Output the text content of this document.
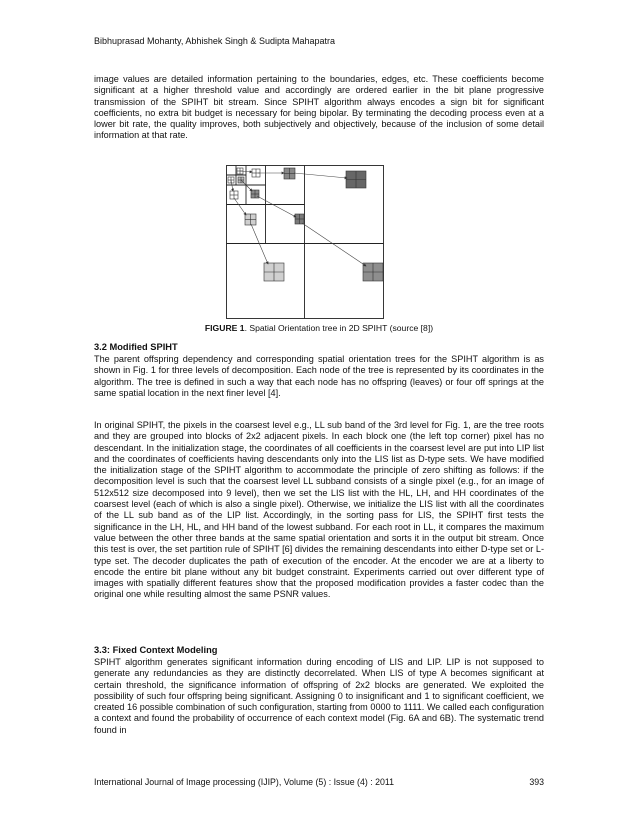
Bibhuprasad Mohanty, Abhishek Singh & Sudipta Mahapatra

image values are detailed information pertaining to the boundaries, edges, etc. These coefficients become significant at a higher threshold value and accordingly are ordered earlier in the bit plane progressive transmission of the SPIHT bit stream. Since SPIHT algorithm always encodes a sign bit for significant coefficients, no extra bit budget is necessary for being bipolar. By terminating the decoding process even at a lower bit rate, the quality improves, both subjectively and objectively, because of the inclusion of some detail information at that rate.

FIGURE 1. Spatial Orientation tree in 2D SPIHT (source [8])
3.2 Modified SPIHT

The parent offspring dependency and corresponding spatial orientation trees for the SPIHT algorithm is as shown in Fig. 1 for three levels of decomposition. Each node of the tree is represented by its coordinates in the algorithm. The tree is defined in such a way that each node has no offspring (leaves) or four off springs at the same spatial location in the next finer level [4].

In original SPIHT, the pixels in the coarsest level e.g., LL sub band of the 3rd level for Fig. 1, are the tree roots and they are grouped into blocks of 2x2 adjacent pixels. In each block one (the left top corner) pixel has no descendant. In the initialization stage, the coordinates of all coefficients in the coarsest level are put into LIP list and the coordinates of coefficients having descendants only into the LIS list as D-type sets. We have modified the initialization stage of the SPIHT algorithm to accommodate the principle of zero shifting as follows: if the decomposition level is such that the coarsest level LL subband consists of a single pixel (e.g., for an image of 512x512 size decomposed into 9 level), then we set the LIS list with the HL, LH, and HH coordinates of the coarsest level (each of which is also a single pixel). Otherwise, we initialize the LIS list with all the coordinates of the LL sub band as of the LIP list. Accordingly, in the sorting pass for LIS, the SPIHT first tests the significance in the LH, HL, and HH band of the lowest subband. For each root in LL, it compares the maximum value between the other three bands at the same spatial orientation and sorts it in the output bit stream. Once this test is over, the set partition rule of SPIHT [6] divides the remaining descendants into either D-type set or L-type set. The decoder duplicates the path of execution of the encoder. At the encoder we are at a liberty to encode the entire bit plane without any bit budget constraint. Experiments carried out over different type of images with spatially different features show that the proposed modification provides a faster codec than the original one while resulting almost the same PSNR values.

3.3: Fixed Context Modeling

SPIHT algorithm generates significant information during encoding of LIS and LIP. LIP is not supposed to generate any redundancies as they are distinctly decorrelated. When LIS of type A becomes significant at certain threshold, the significance information of offspring of 2x2 blocks are generated. We exploited the possibility of such four offspring being significant. Assigning 0 to insignificant and 1 to significant coefficient, we created 16 possible combination of such configuration, starting from 0000 to 1111. We called each configuration a context and found the probability of occurrence of each context model (Fig. 6A and 6B). The systematic trend found in

International Journal of Image processing (IJIP), Volume (5) : Issue (4) : 2011	393
